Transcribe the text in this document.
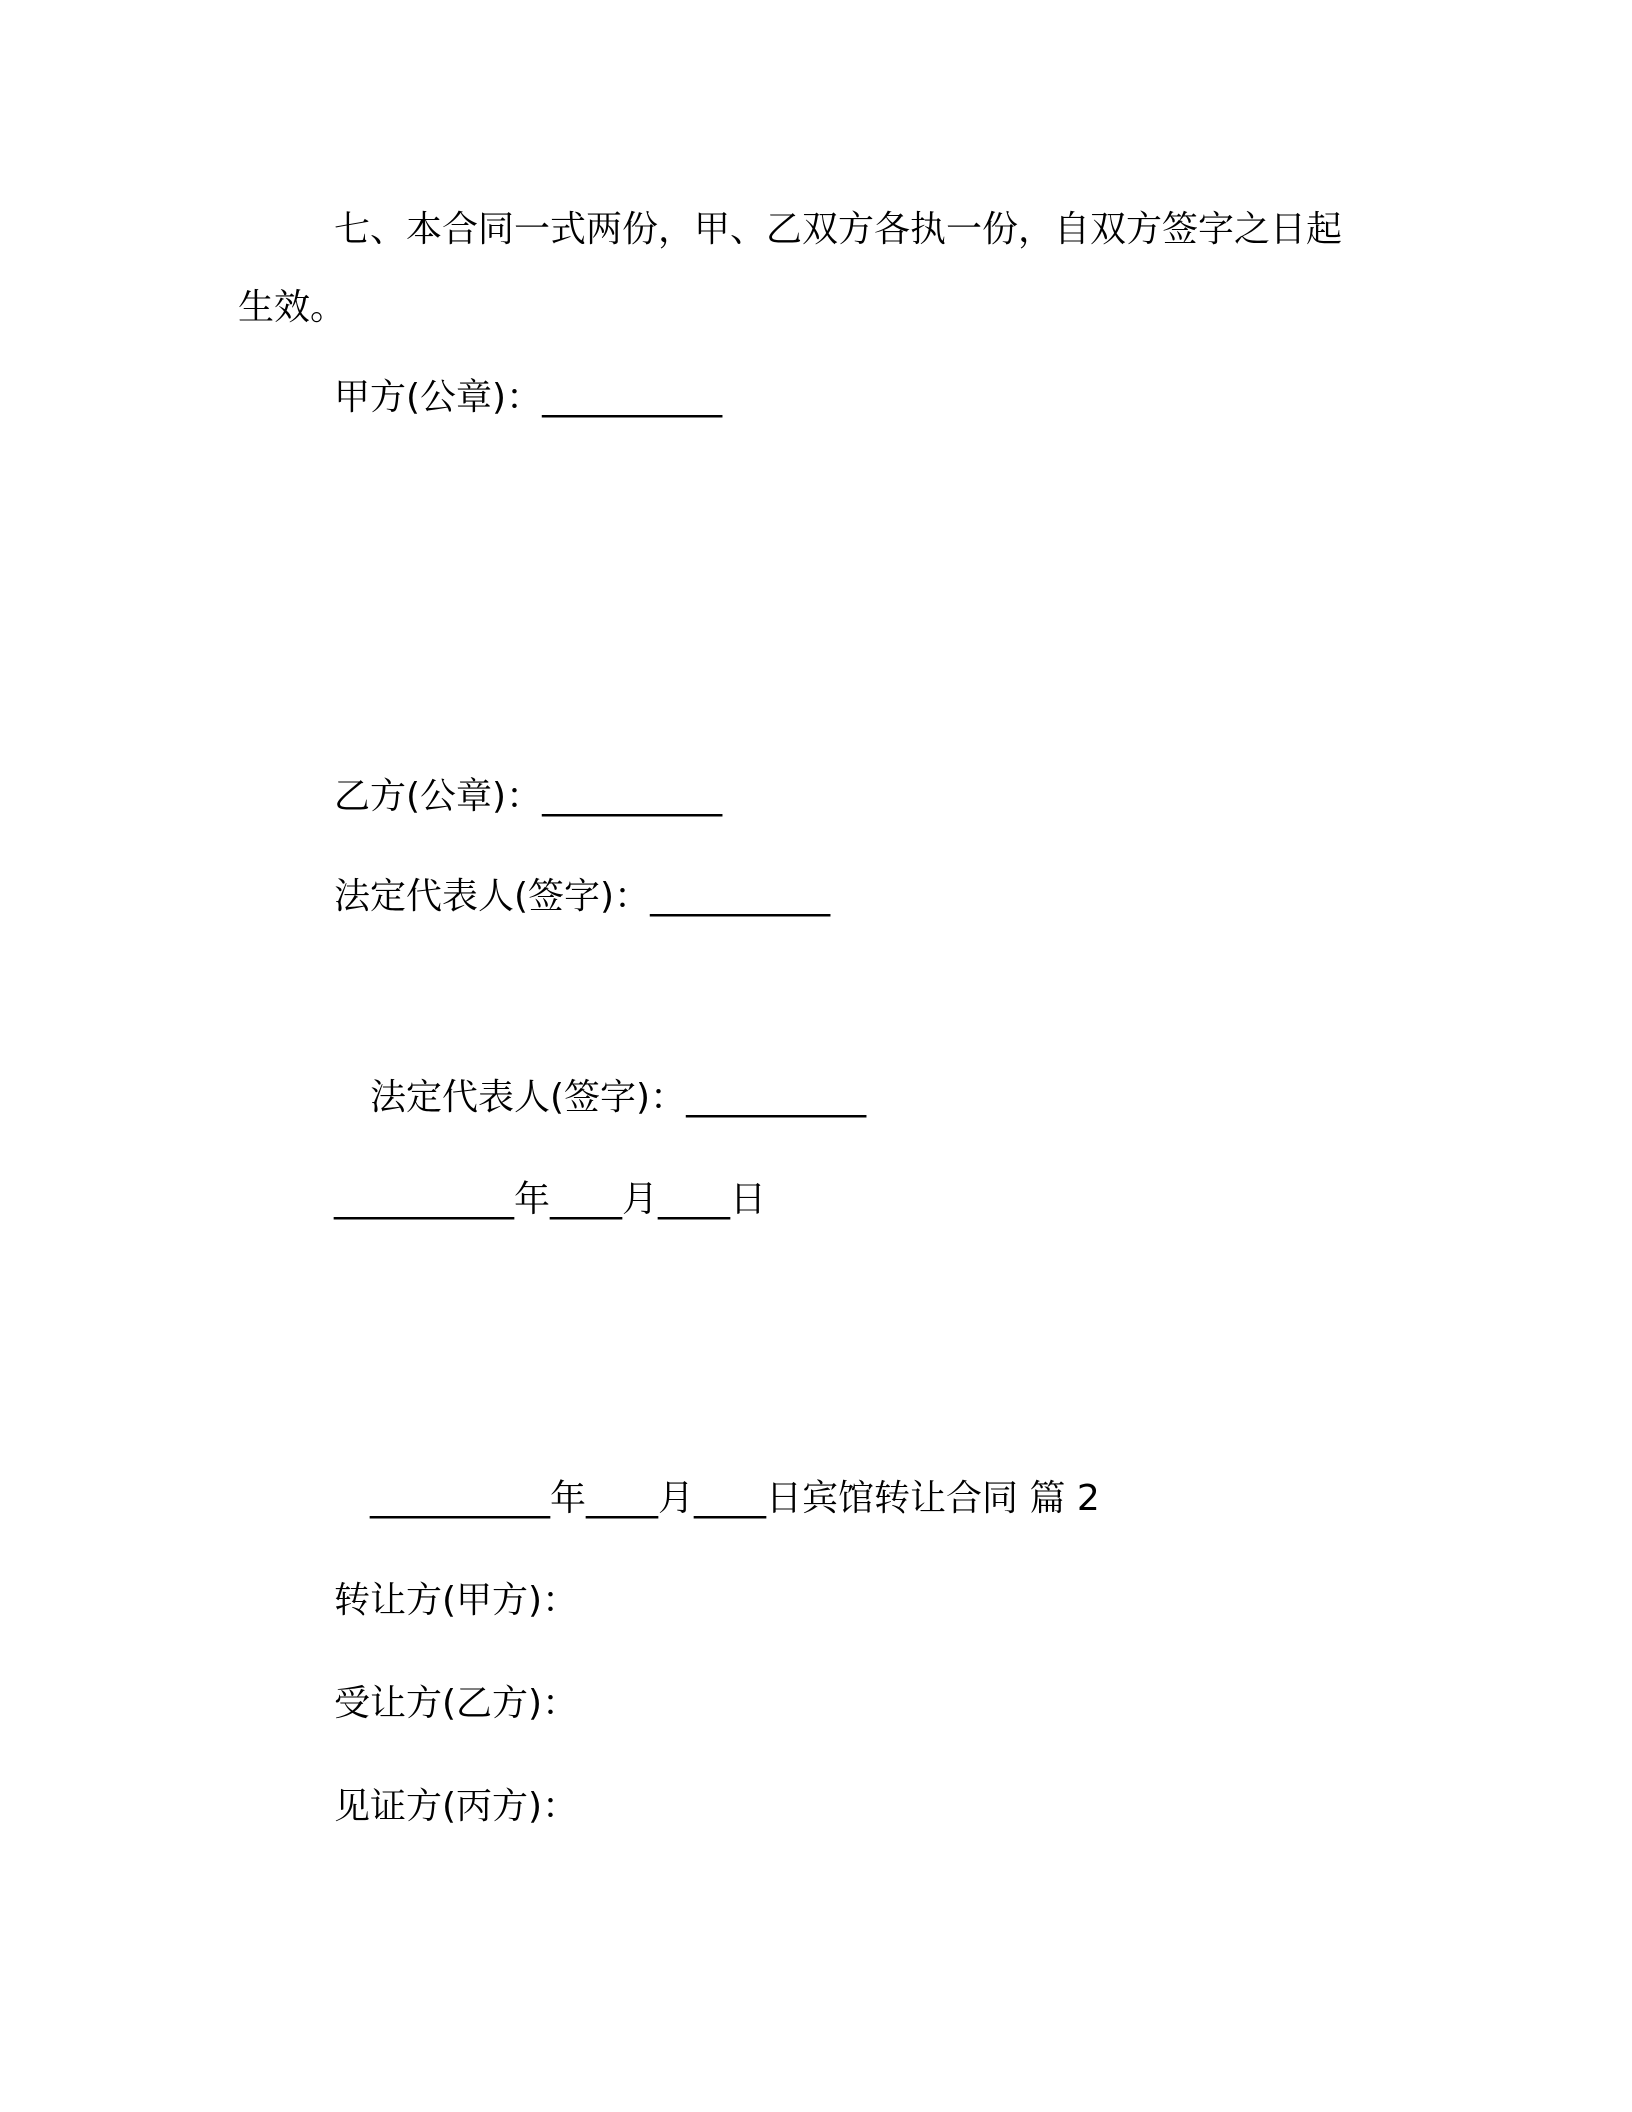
七、本合同一式两份，甲、乙双方各执一份，自双方签字之日起生效。
甲方(公章)：__________
乙方(公章)：__________
法定代表人(签字)：__________
法定代表人(签字)：__________
__________年____月____日
__________年____月____日宾馆转让合同 篇 2
转让方(甲方)：
受让方(乙方)：
见证方(丙方)：
